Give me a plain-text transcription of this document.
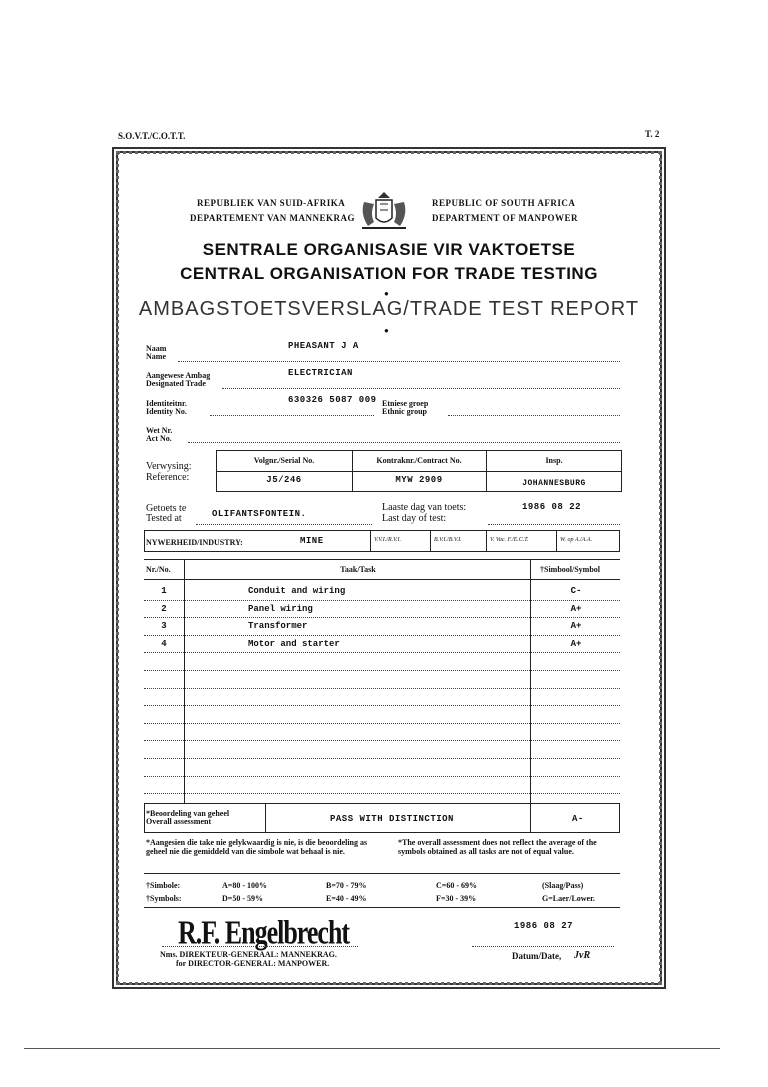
S.O.V.T./C.O.T.T.	T. 2
REPUBLIEK VAN SUID-AFRIKA
DEPARTEMENT VAN MANNEKRAG
REPUBLIC OF SOUTH AFRICA
DEPARTMENT OF MANPOWER
SENTRALE ORGANISASIE VIR VAKTOETSE
CENTRAL ORGANISATION FOR TRADE TESTING
●
AMBAGSTOETSVERSLAG/TRADE TEST REPORT
●
Naam
Name
PHEASANT J A
Aangewese Ambag
Designated Trade
ELECTRICIAN
Identiteitnr.
Identity No.
630326 5087 009 Etniese groep
Ethnic group
Wet Nr.
Act No.
Verwysing:
Reference:
Volgnr./Serial No.	Kontraknr./Contract No.	Insp.
J5/246	MYW 2909	JOHANNESBURG
Getoets te
Tested at	OLIFANTSFONTEIN.
Laaste dag van toets:
Last day of test:
1986 08 22
NYWERHEID/INDUSTRY:	MINE	V.V.I./R.V.I.	B.V.I./B.V.I.	V. Vac. F./E.C.T.	W. op A./A.A.
Nr./No.	Taak/Task	†Simbool/Symbol
1	Conduit and wiring	C-
2	Panel wiring	A+
3	Transformer	A+
4	Motor and starter	A+
*Beoordeling van geheel
Overall assessment	PASS WITH DISTINCTION	A-
*Aangesien die take nie gelykwaardig is nie, is die beoordeling as geheel nie die gemiddeld van die simbole wat behaal is nie.
*The overall assessment does not reflect the average of the symbols obtained as all tasks are not of equal value.
†Simbole:
†Symbols:
A=80 - 100%	B=70 - 79%	C=60 - 69%	(Slaag/Pass)
D=50 - 59%	E=40 - 49%	F=30 - 39%	G=Laer/Lower.
R.F. Engelbrecht
Nms. DIREKTEUR-GENERAAL: MANNEKRAG.
for DIRECTOR-GENERAL: MANPOWER.
1986 08 27
Datum/Date, JvR
